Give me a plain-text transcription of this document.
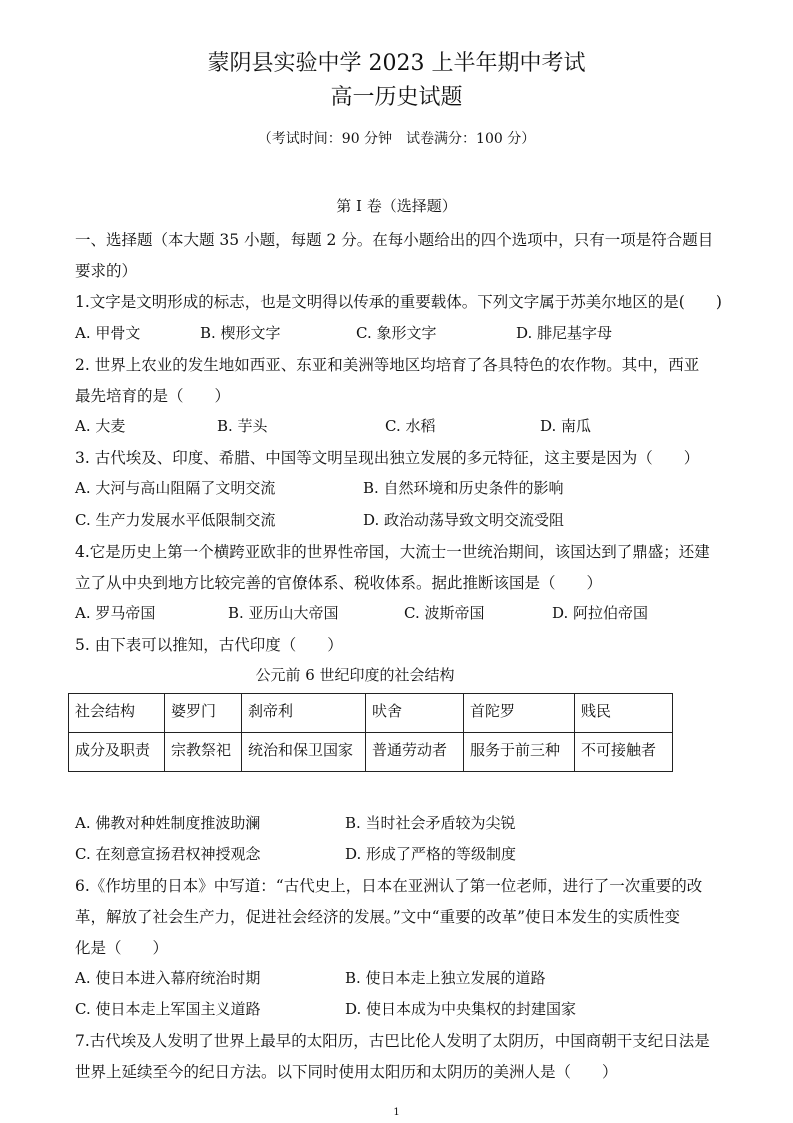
蒙阴县实验中学 2023 上半年期中考试
高一历史试题
（考试时间：90 分钟　试卷满分：100 分）
第 I 卷（选择题）
一、选择题（本大题 35 小题，每题 2 分。在每小题给出的四个选项中，只有一项是符合题目
要求的）
1.文字是文明形成的标志，也是文明得以传承的重要载体。下列文字属于苏美尔地区的是(　　)
A. 甲骨文	B. 楔形文字	C. 象形文字	D. 腓尼基字母
2. 世界上农业的发生地如西亚、东亚和美洲等地区均培育了各具特色的农作物。其中，西亚
最先培育的是（　　）
A. 大麦	B. 芋头	C. 水稻	D. 南瓜
3. 古代埃及、印度、希腊、中国等文明呈现出独立发展的多元特征，这主要是因为（　　）
A. 大河与高山阻隔了文明交流	B. 自然环境和历史条件的影响
C. 生产力发展水平低限制交流	D. 政治动荡导致文明交流受阻
4.它是历史上第一个横跨亚欧非的世界性帝国，大流士一世统治期间，该国达到了鼎盛；还建
立了从中央到地方比较完善的官僚体系、税收体系。据此推断该国是（　　）
A. 罗马帝国	B. 亚历山大帝国	C. 波斯帝国	D. 阿拉伯帝国
5. 由下表可以推知，古代印度（　　）
公元前 6 世纪印度的社会结构
社会结构	婆罗门	刹帝利	吠舍	首陀罗	贱民
成分及职责	宗教祭祀	统治和保卫国家	普通劳动者	服务于前三种	不可接触者
A. 佛教对种姓制度推波助澜	B. 当时社会矛盾较为尖锐
C. 在刻意宣扬君权神授观念	D. 形成了严格的等级制度
6.《作坊里的日本》中写道：“古代史上，日本在亚洲认了第一位老师，进行了一次重要的改
革，解放了社会生产力，促进社会经济的发展。”文中“重要的改革”使日本发生的实质性变
化是（　　）
A. 使日本进入幕府统治时期	B. 使日本走上独立发展的道路
C. 使日本走上军国主义道路	D. 使日本成为中央集权的封建国家
7.古代埃及人发明了世界上最早的太阳历，古巴比伦人发明了太阴历，中国商朝干支纪日法是
世界上延续至今的纪日方法。以下同时使用太阳历和太阴历的美洲人是（　　）
1
